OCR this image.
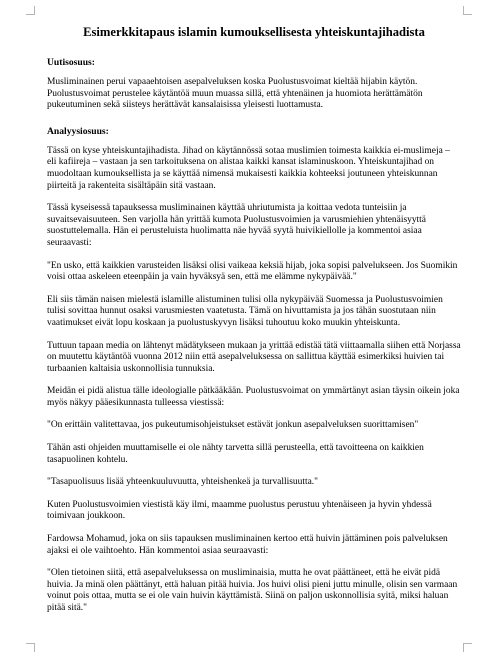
Esimerkkitapaus islamin kumouksellisesta yhteiskuntajihadista
Uutisosuus:

Musliminainen perui vapaaehtoisen asepalveluksen koska Puolustusvoimat kieltää hijabin käytön. Puolustusvoimat perustelee käytäntöä muun muassa sillä, että yhtenäinen ja huomiota herättämätön pukeutuminen sekä siisteys herättävät kansalaisissa yleisesti luottamusta.

Analyysiosuus:

Tässä on kyse yhteiskuntajihadista. Jihad on käytännössä sotaa muslimien toimesta kaikkia ei-muslimeja – eli kafiireja – vastaan ja sen tarkoituksena on alistaa kaikki kansat islaminuskoon. Yhteiskuntajihad on muodoltaan kumouksellista ja se käyttää nimensä mukaisesti kaikkia kohteeksi joutuneen yhteiskunnan piirteitä ja rakenteita sisältäpäin sitä vastaan.

Tässä kyseisessä tapauksessa musliminainen käyttää uhriutumista ja koittaa vedota tunteisiin ja suvaitsevaisuuteen. Sen varjolla hän yrittää kumota Puolustusvoimien ja varusmiehien yhtenäisyyttä suostuttelemalla. Hän ei perusteluista huolimatta näe hyvää syytä huivikiellolle ja kommentoi asiaa seuraavasti:

"En usko, että kaikkien varusteiden lisäksi olisi vaikeaa keksiä hijab, joka sopisi palvelukseen. Jos Suomikin voisi ottaa askeleen eteenpäin ja vain hyväksyä sen, että me elämme nykypäivää."

Eli siis tämän naisen mielestä islamille alistuminen tulisi olla nykypäivää Suomessa ja Puolustusvoimien tulisi sovittaa hunnut osaksi varusmiesten vaatetusta. Tämä on hivuttamista ja jos tähän suostutaan niin vaatimukset eivät lopu koskaan ja puolustuskyvyn lisäksi tuhoutuu koko muukin yhteiskunta.

Tuttuun tapaan media on lähtenyt mädätykseen mukaan ja yrittää edistää tätä viittaamalla siihen että Norjassa on muutettu käytäntöä vuonna 2012 niin että asepalveluksessa on sallittua käyttää esimerkiksi huivien tai turbaanien kaltaisia uskonnollisia tunnuksia.

Meidän ei pidä alistua tälle ideologialle pätkääkään. Puolustusvoimat on ymmärtänyt asian täysin oikein joka myös näkyy pääesikunnasta tulleessa viestissä:

"On erittäin valitettavaa, jos pukeutumisohjeistukset estävät jonkun asepalveluksen suorittamisen"

Tähän asti ohjeiden muuttamiselle ei ole nähty tarvetta sillä perusteella, että tavoitteena on kaikkien tasapuolinen kohtelu.

"Tasapuolisuus lisää yhteenkuuluvuutta, yhteishenkeä ja turvallisuutta."

Kuten Puolustusvoimien viestistä käy ilmi, maamme puolustus perustuu yhtenäiseen ja hyvin yhdessä toimivaan joukkoon.

Fardowsa Mohamud, joka on siis tapauksen musliminainen kertoo että huivin jättäminen pois palveluksen ajaksi ei ole vaihtoehto. Hän kommentoi asiaa seuraavasti:

"Olen tietoinen siitä, että asepalveluksessa on musliminaisia, mutta he ovat päättäneet, että he eivät pidä huivia. Ja minä olen päättänyt, että haluan pitää huivia. Jos huivi olisi pieni juttu minulle, olisin sen varmaan voinut pois ottaa, mutta se ei ole vain huivin käyttämistä. Siinä on paljon uskonnollisia syitä, miksi haluan pitää sitä."
